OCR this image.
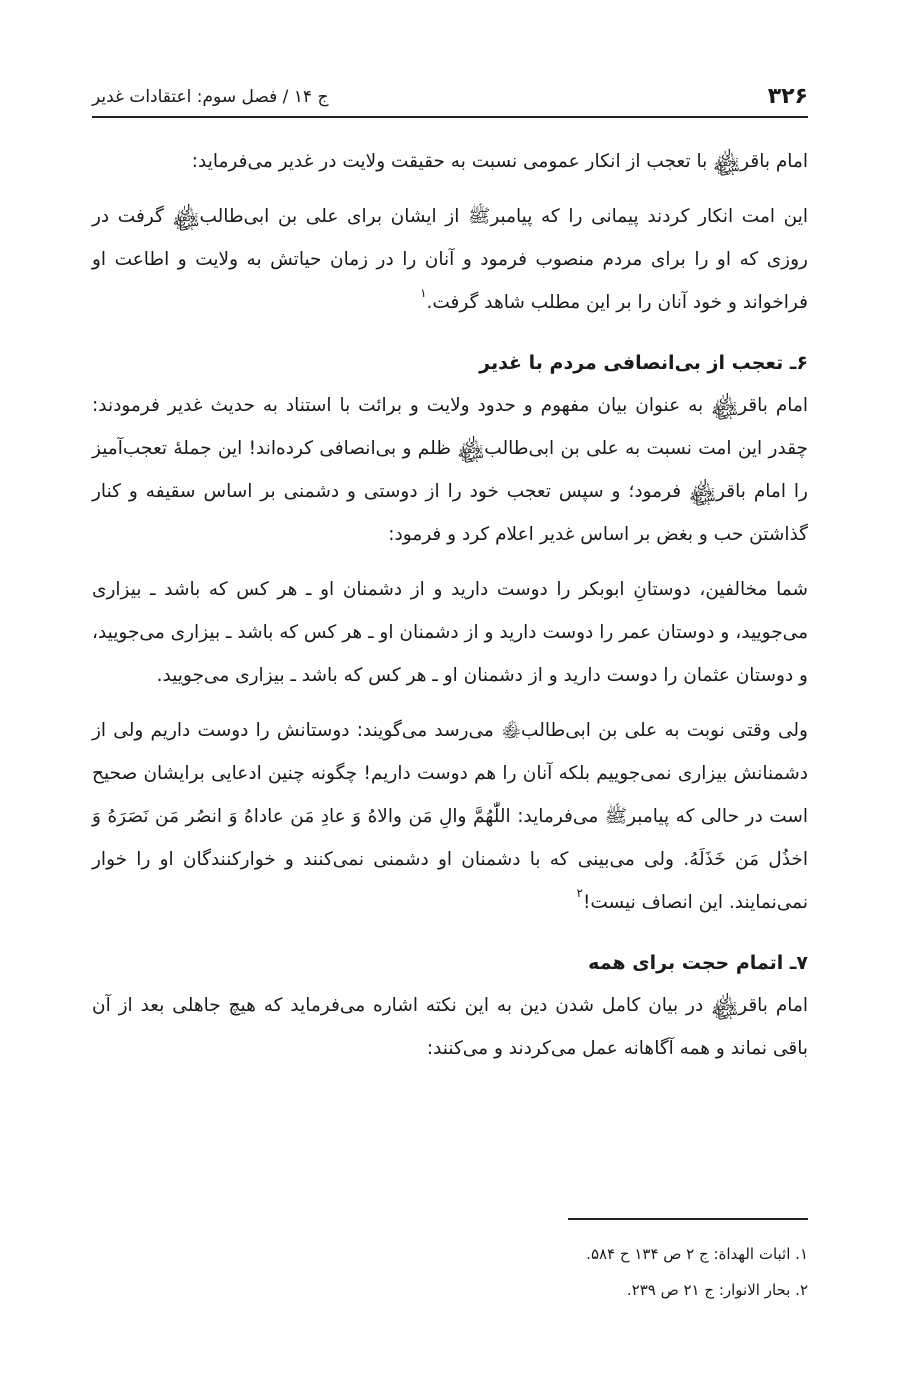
۳۲۶
ج ۱۴ / فصل سوم: اعتقادات غدیر

امام باقر﷾ با تعجب از انکار عمومی نسبت به حقیقت ولایت در غدیر می‌فرماید:

این امت انکار کردند پیمانی را که پیامبرﷺ از ایشان برای علی بن ابی‌طالب﷾ گرفت در روزی که او را برای مردم منصوب فرمود و آنان را در زمان حیاتش به ولایت و اطاعت او فراخواند و خود آنان را بر این مطلب شاهد گرفت.$^۱$

۶ـ تعجب از بی‌انصافی مردم با غدیر

امام باقر﷾ به عنوان بیان مفهوم و حدود ولایت و برائت با استناد به حدیث غدیر فرمودند: چقدر این امت نسبت به علی بن ابی‌طالب﷾ ظلم و بی‌انصافی کرده‌اند! این جملهٔ تعجب‌آمیز را امام باقر﷾ فرمود؛ و سپس تعجب خود را از دوستی و دشمنی بر اساس سقیفه و کنار گذاشتن حب و بغض بر اساس غدیر اعلام کرد و فرمود:

شما مخالفین، دوستانِ ابوبکر را دوست دارید و از دشمنان او ـ هر کس که باشد ـ بیزاری می‌جویید، و دوستان عمر را دوست دارید و از دشمنان او ـ هر کس که باشد ـ بیزاری می‌جویید، و دوستان عثمان را دوست دارید و از دشمنان او ـ هر کس که باشد ـ بیزاری می‌جویید.

ولی وقتی نوبت به علی بن ابی‌طالب﷾ می‌رسد می‌گویند: دوستانش را دوست داریم ولی از دشمنانش بیزاری نمی‌جوییم بلکه آنان را هم دوست داریم! چگونه چنین ادعایی برایشان صحیح است در حالی که پیامبرﷺ می‌فرماید: اللّٰهُمَّ والِ مَن والاهُ وَ عادِ مَن عاداهُ وَ انصُر مَن نَصَرَهُ وَ اخذُل مَن خَذَلَهُ. ولی می‌بینی که با دشمنان او دشمنی نمی‌کنند و خوارکنندگان او را خوار نمی‌نمایند. این انصاف نیست!$^۲$

۷ـ اتمام حجت برای همه

امام باقر﷾ در بیان کامل شدن دین به این نکته اشاره می‌فرماید که هیچ جاهلی بعد از آن باقی نماند و همه آگاهانه عمل می‌کردند و می‌کنند:

۱. اثبات الهداة: ج ۲ ص ۱۳۴ ح ۵۸۴.
۲. بحار الانوار: ج ۲۱ ص ۲۳۹.
